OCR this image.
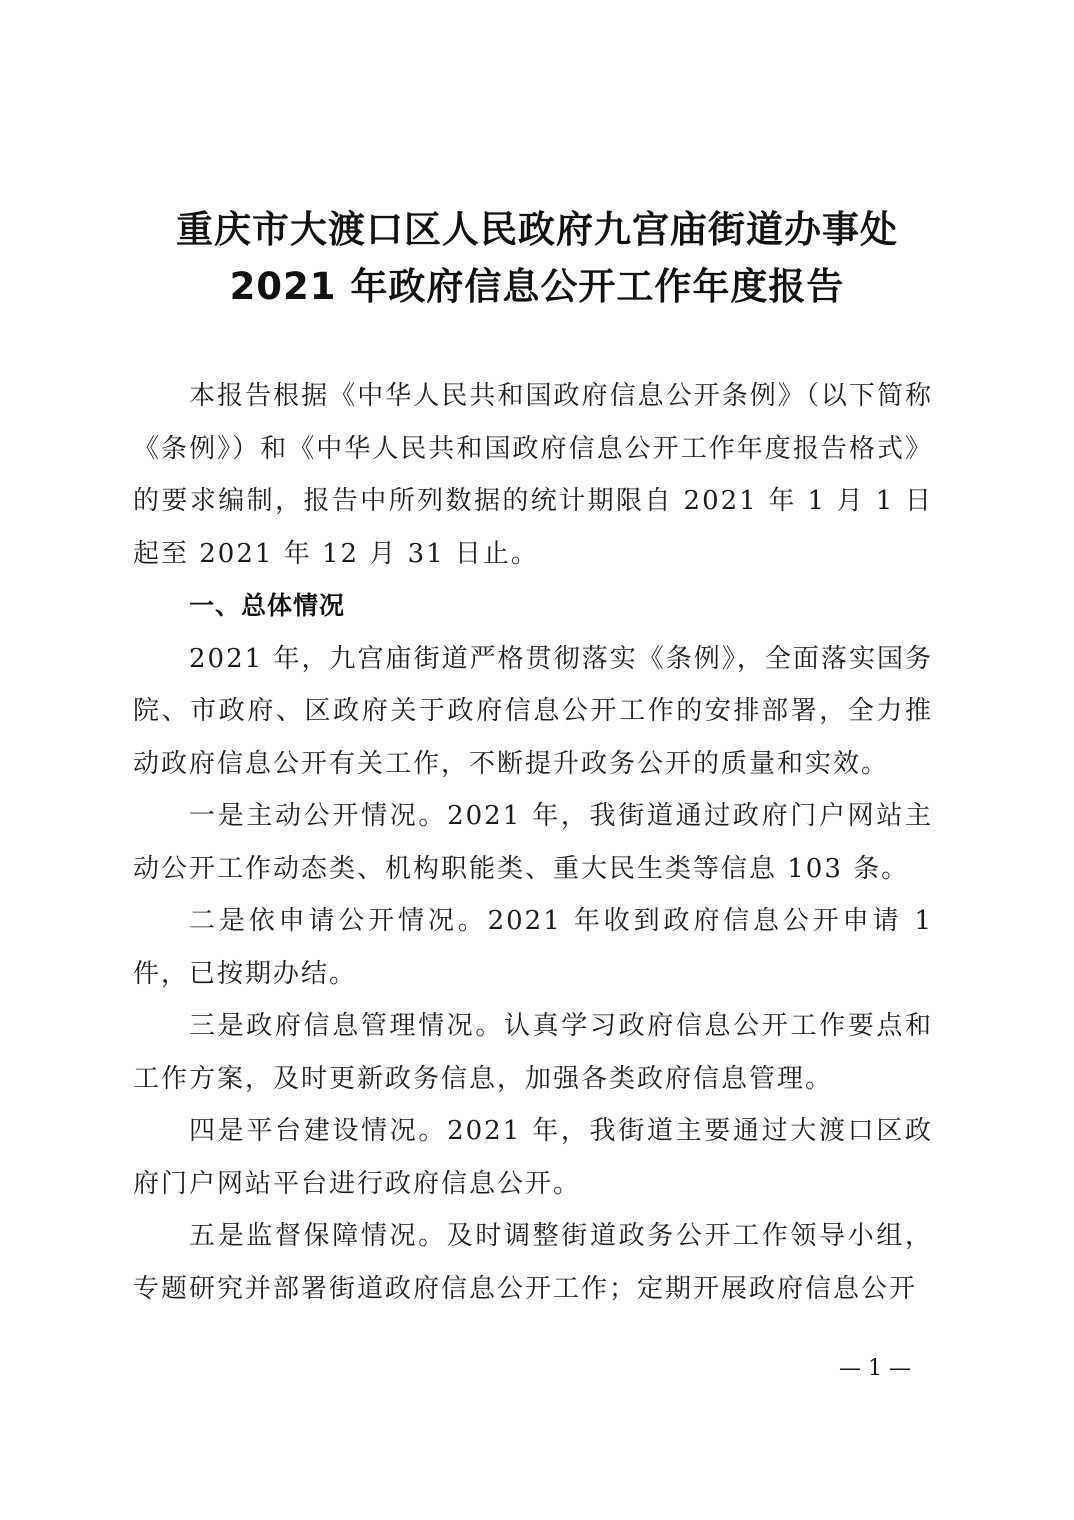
重庆市大渡口区人民政府九宫庙街道办事处
2021 年政府信息公开工作年度报告

本报告根据《中华人民共和国政府信息公开条例》（以下简称《条例》）和《中华人民共和国政府信息公开工作年度报告格式》的要求编制，报告中所列数据的统计期限自 2021 年 1 月 1 日起至 2021 年 12 月 31 日止。

一、总体情况

2021 年，九宫庙街道严格贯彻落实《条例》，全面落实国务院、市政府、区政府关于政府信息公开工作的安排部署，全力推动政府信息公开有关工作，不断提升政务公开的质量和实效。

一是主动公开情况。2021 年，我街道通过政府门户网站主动公开工作动态类、机构职能类、重大民生类等信息 103 条。

二是依申请公开情况。2021 年收到政府信息公开申请 1 件，已按期办结。

三是政府信息管理情况。认真学习政府信息公开工作要点和工作方案，及时更新政务信息，加强各类政府信息管理。

四是平台建设情况。2021 年，我街道主要通过大渡口区政府门户网站平台进行政府信息公开。

五是监督保障情况。及时调整街道政务公开工作领导小组，专题研究并部署街道政府信息公开工作；定期开展政府信息公开

— 1 —
